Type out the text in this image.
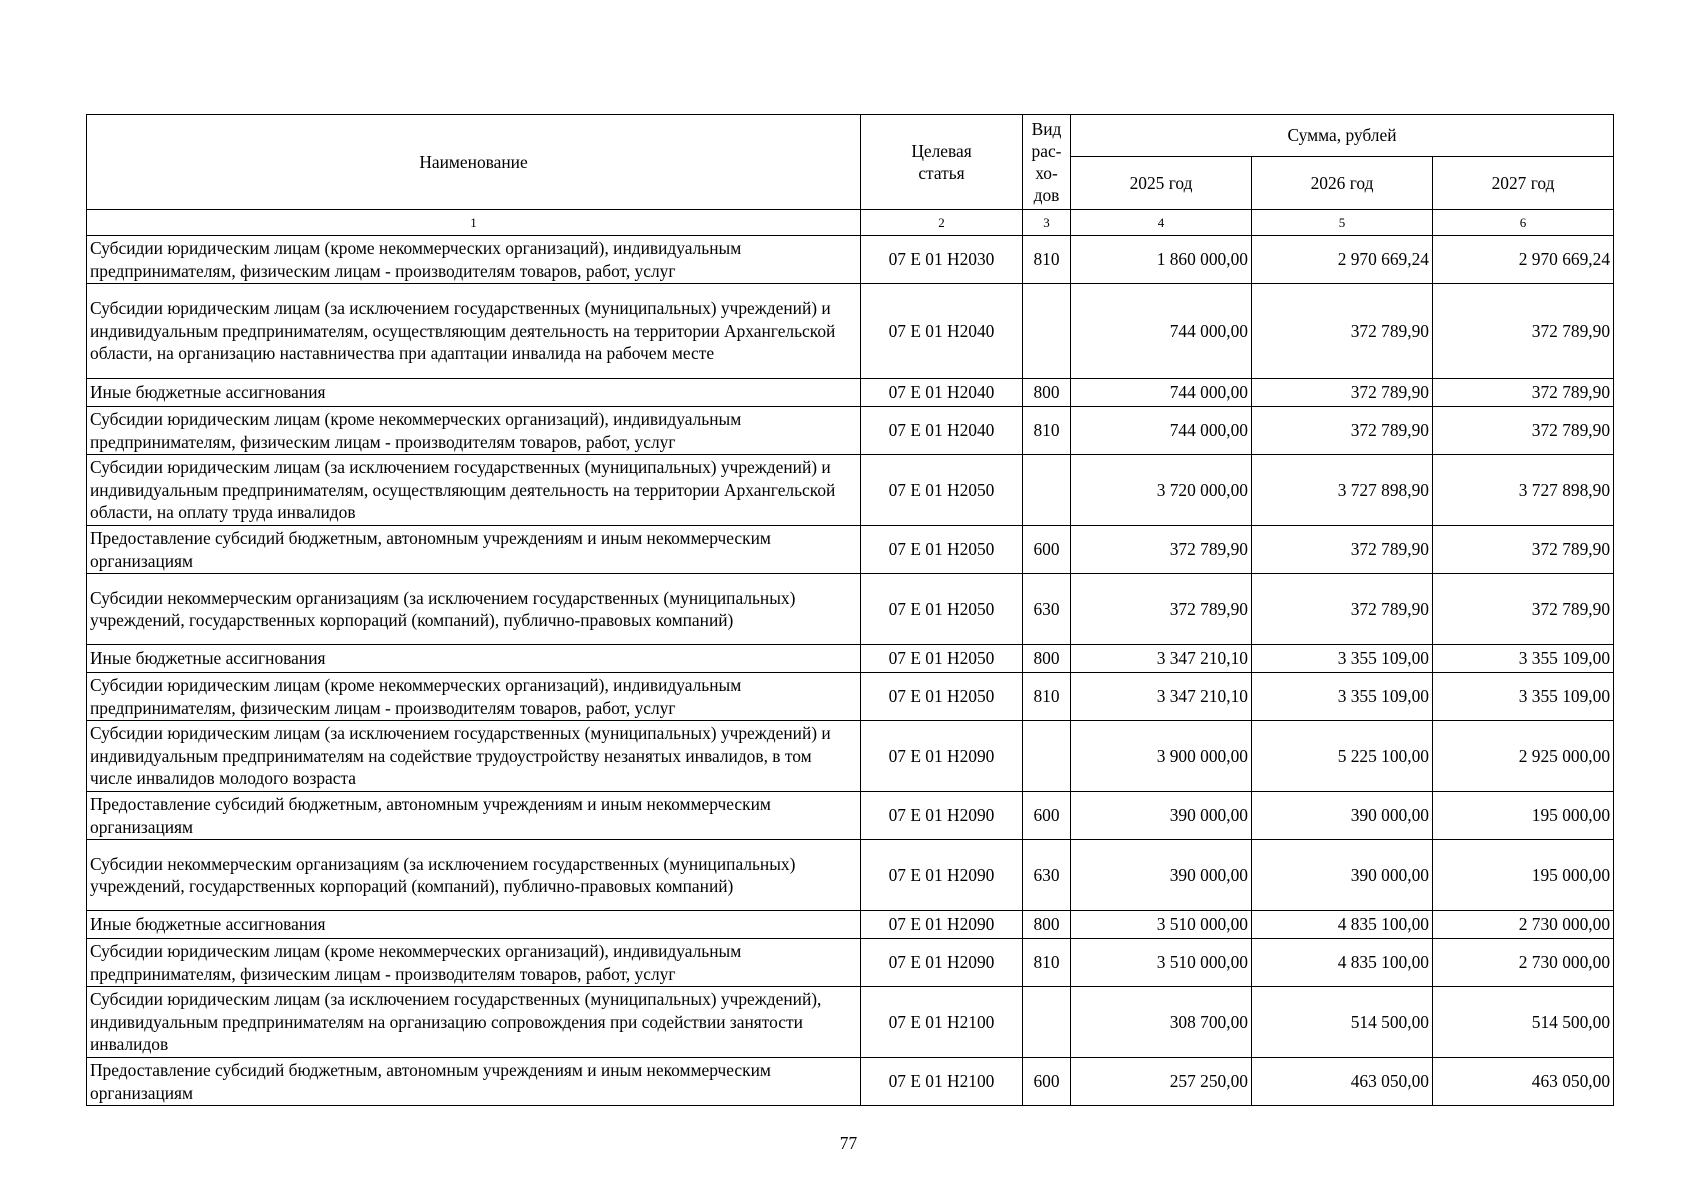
Наименование	Целевая статья	Вид рас-хо-дов	Сумма, рублей		
			2025 год	2026 год	2027 год
1	2	3	4	5	6
Субсидии юридическим лицам (кроме некоммерческих организаций), индивидуальным предпринимателям, физическим лицам - производителям товаров, работ, услуг	07 Е 01 Н2030	810	1 860 000,00	2 970 669,24	2 970 669,24
Субсидии юридическим лицам (за исключением государственных (муниципальных) учреждений) и индивидуальным предпринимателям, осуществляющим деятельность на территории Архангельской области, на организацию наставничества при адаптации инвалида на рабочем месте	07 Е 01 Н2040		744 000,00	372 789,90	372 789,90
Иные бюджетные ассигнования	07 Е 01 Н2040	800	744 000,00	372 789,90	372 789,90
Субсидии юридическим лицам (кроме некоммерческих организаций), индивидуальным предпринимателям, физическим лицам - производителям товаров, работ, услуг	07 Е 01 Н2040	810	744 000,00	372 789,90	372 789,90
Субсидии юридическим лицам (за исключением государственных (муниципальных) учреждений) и индивидуальным предпринимателям, осуществляющим деятельность на территории Архангельской области, на оплату труда инвалидов	07 Е 01 Н2050		3 720 000,00	3 727 898,90	3 727 898,90
Предоставление субсидий бюджетным, автономным учреждениям и иным некоммерческим организациям	07 Е 01 Н2050	600	372 789,90	372 789,90	372 789,90
Субсидии некоммерческим организациям (за исключением государственных (муниципальных) учреждений, государственных корпораций (компаний), публично-правовых компаний)	07 Е 01 Н2050	630	372 789,90	372 789,90	372 789,90
Иные бюджетные ассигнования	07 Е 01 Н2050	800	3 347 210,10	3 355 109,00	3 355 109,00
Субсидии юридическим лицам (кроме некоммерческих организаций), индивидуальным предпринимателям, физическим лицам - производителям товаров, работ, услуг	07 Е 01 Н2050	810	3 347 210,10	3 355 109,00	3 355 109,00
Субсидии юридическим лицам (за исключением государственных (муниципальных) учреждений) и индивидуальным предпринимателям на содействие трудоустройству незанятых инвалидов, в том числе инвалидов молодого возраста	07 Е 01 Н2090		3 900 000,00	5 225 100,00	2 925 000,00
Предоставление субсидий бюджетным, автономным учреждениям и иным некоммерческим организациям	07 Е 01 Н2090	600	390 000,00	390 000,00	195 000,00
Субсидии некоммерческим организациям (за исключением государственных (муниципальных) учреждений, государственных корпораций (компаний), публично-правовых компаний)	07 Е 01 Н2090	630	390 000,00	390 000,00	195 000,00
Иные бюджетные ассигнования	07 Е 01 Н2090	800	3 510 000,00	4 835 100,00	2 730 000,00
Субсидии юридическим лицам (кроме некоммерческих организаций), индивидуальным предпринимателям, физическим лицам - производителям товаров, работ, услуг	07 Е 01 Н2090	810	3 510 000,00	4 835 100,00	2 730 000,00
Субсидии юридическим лицам (за исключением государственных (муниципальных) учреждений), индивидуальным предпринимателям на организацию сопровождения при содействии занятости инвалидов	07 Е 01 Н2100		308 700,00	514 500,00	514 500,00
Предоставление субсидий бюджетным, автономным учреждениям и иным некоммерческим организациям	07 Е 01 Н2100	600	257 250,00	463 050,00	463 050,00
77
